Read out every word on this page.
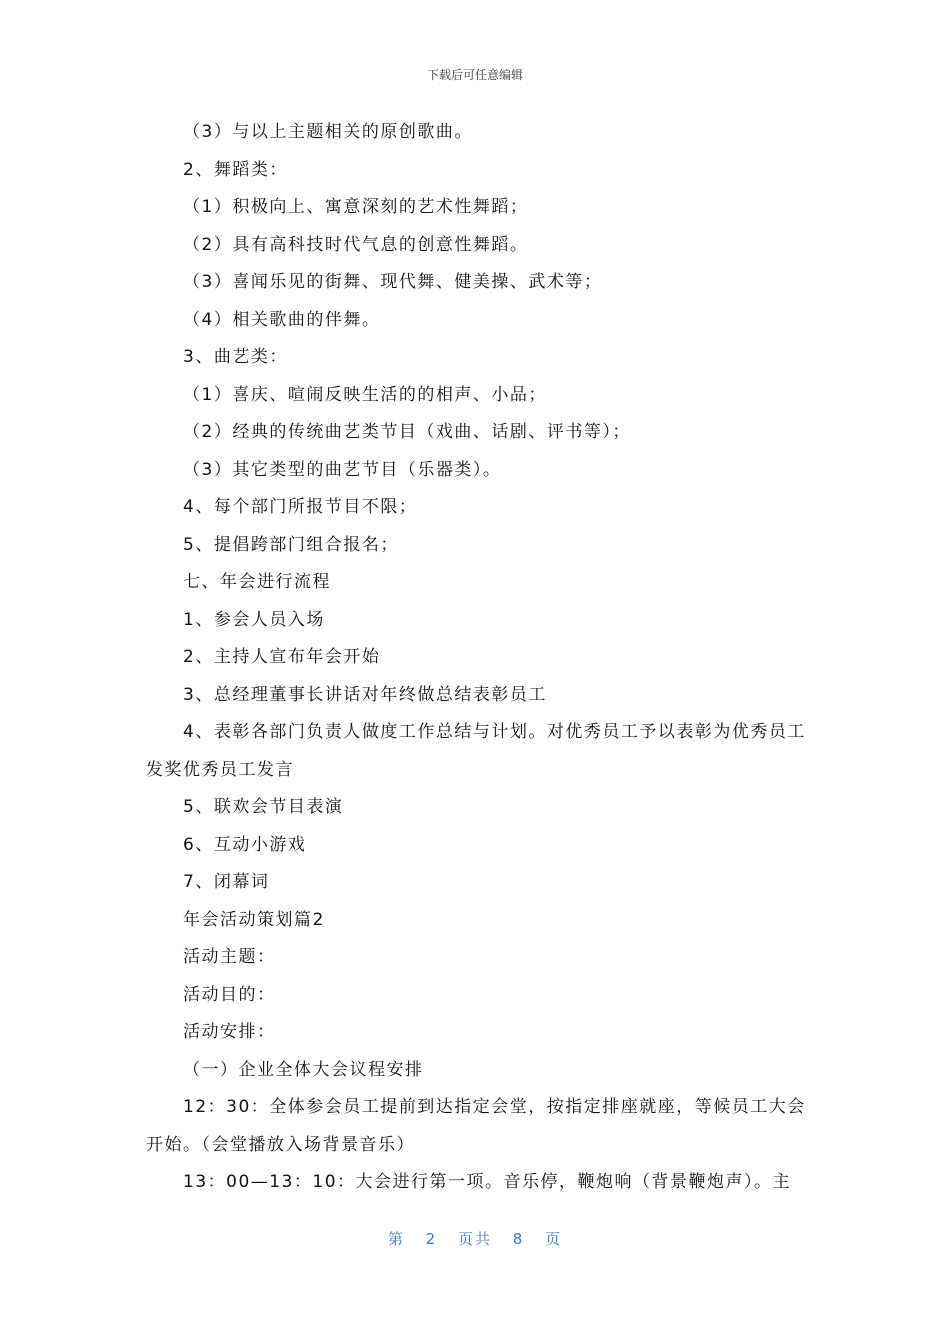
下载后可任意编辑

（3）与以上主题相关的原创歌曲。

2、舞蹈类：

（1）积极向上、寓意深刻的艺术性舞蹈；

（2）具有高科技时代气息的创意性舞蹈。

（3）喜闻乐见的街舞、现代舞、健美操、武术等；

（4）相关歌曲的伴舞。

3、曲艺类：

（1）喜庆、喧闹反映生活的的相声、小品；

（2）经典的传统曲艺类节目（戏曲、话剧、评书等）；

（3）其它类型的曲艺节目（乐器类）。

4、每个部门所报节目不限；

5、提倡跨部门组合报名；

七、年会进行流程

1、参会人员入场

2、主持人宣布年会开始

3、总经理董事长讲话对年终做总结表彰员工

4、表彰各部门负责人做度工作总结与计划。对优秀员工予以表彰为优秀员工发奖优秀员工发言

5、联欢会节目表演

6、互动小游戏

7、闭幕词

年会活动策划篇2

活动主题：

活动目的：

活动安排：

（一）企业全体大会议程安排

12：30：全体参会员工提前到达指定会堂，按指定排座就座，等候员工大会开始。（会堂播放入场背景音乐）

13：00—13：10：大会进行第一项。音乐停，鞭炮响（背景鞭炮声）。主

第 2 页共 8 页
